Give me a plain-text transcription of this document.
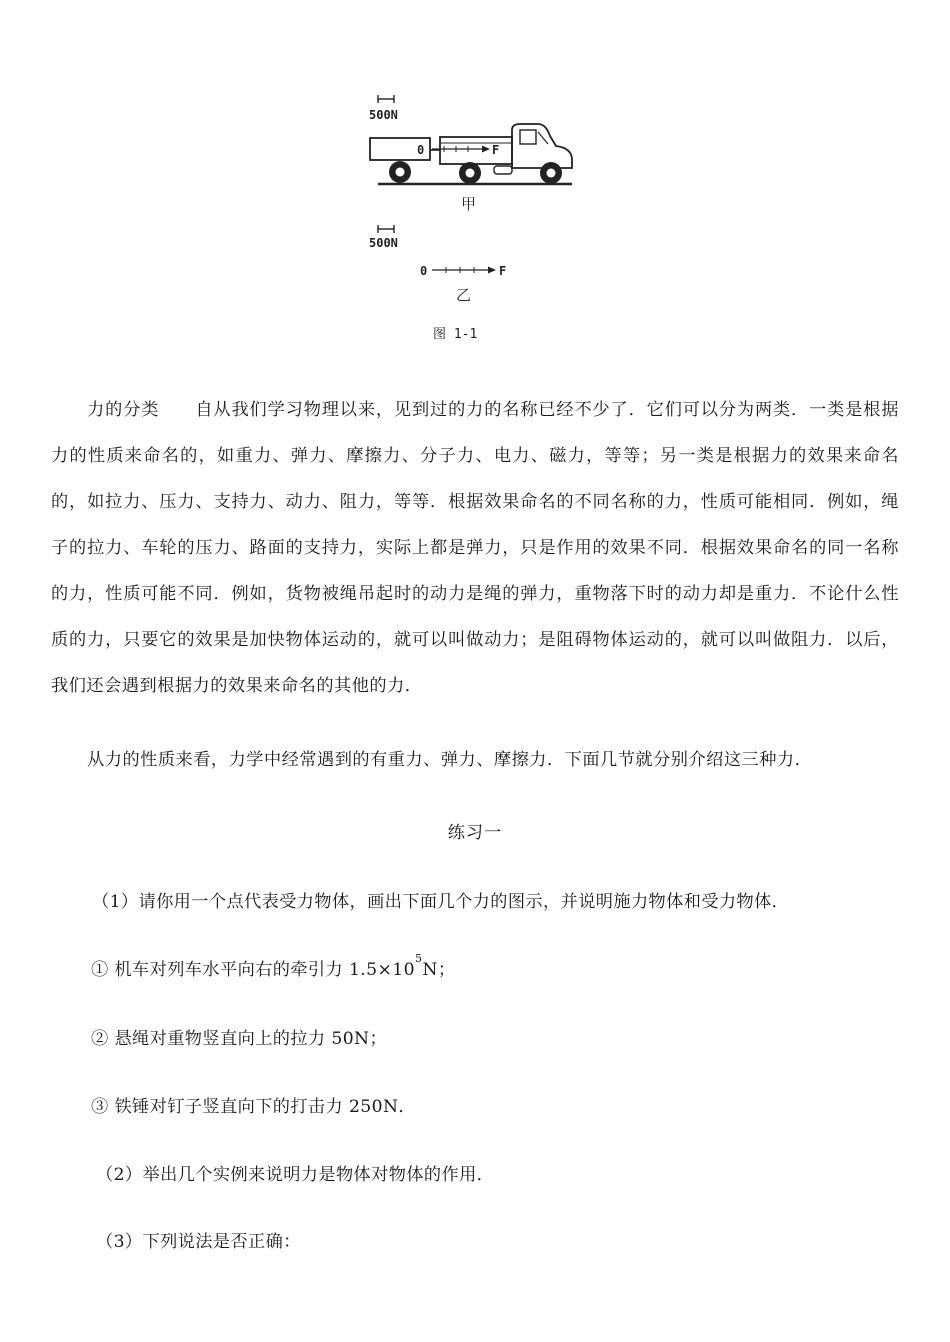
500N
0	F
甲
500N
0	F
乙
图 1-1

力的分类　　自从我们学习物理以来，见到过的力的名称已经不少了．它们可以分为两类．一类是根据力的性质来命名的，如重力、弹力、摩擦力、分子力、电力、磁力，等等；另一类是根据力的效果来命名的，如拉力、压力、支持力、动力、阻力，等等．根据效果命名的不同名称的力，性质可能相同．例如，绳子的拉力、车轮的压力、路面的支持力，实际上都是弹力，只是作用的效果不同．根据效果命名的同一名称的力，性质可能不同．例如，货物被绳吊起时的动力是绳的弹力，重物落下时的动力却是重力．不论什么性质的力，只要它的效果是加快物体运动的，就可以叫做动力；是阻碍物体运动的，就可以叫做阻力．以后，我们还会遇到根据力的效果来命名的其他的力．

从力的性质来看，力学中经常遇到的有重力、弹力、摩擦力．下面几节就分别介绍这三种力．

练习一
（1）请你用一个点代表受力物体，画出下面几个力的图示，并说明施力物体和受力物体．
① 机车对列车水平向右的牵引力 $1.5\times 10^5N$；
② 悬绳对重物竖直向上的拉力 50N；
③ 铁锤对钉子竖直向下的打击力 250N．
（2）举出几个实例来说明力是物体对物体的作用．
（3）下列说法是否正确：
